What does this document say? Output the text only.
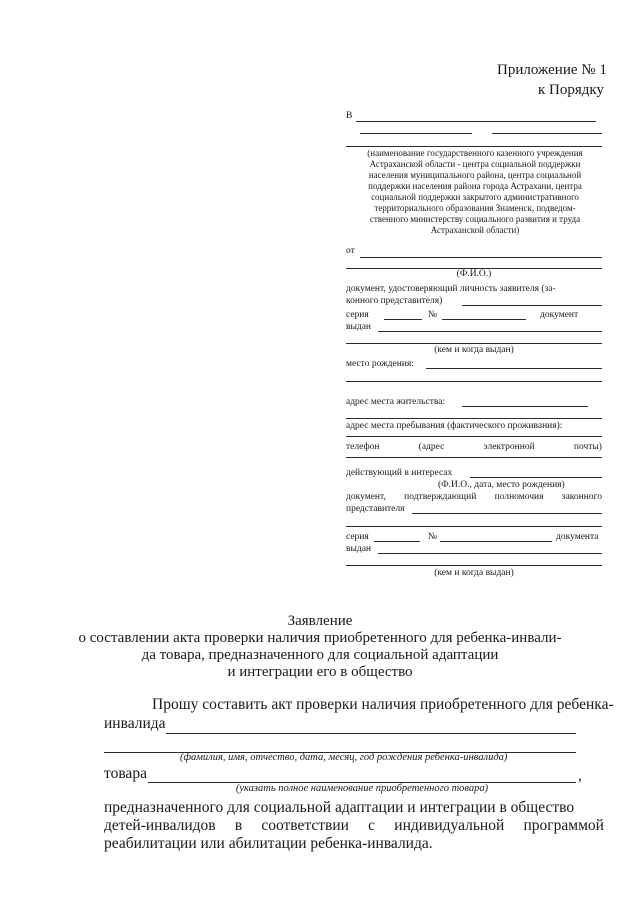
Приложение № 1
к Порядку
В
(наименование государственного казенного учреждения
Астраханской области - центра социальной поддержки
населения муниципального района, центра социальной
поддержки населения района города Астрахани, центра
социальной поддержки закрытого административного
территориального образования Знаменск, подведом-
ственного министерству социального развития и труда
Астраханской области)
от
(Ф.И.О.)
документ, удостоверяющий личность заявителя (за-
конного представителя)
серия	№	документ
выдан
(кем и когда выдан)
место рождения:
адрес места жительства:
адрес места пребывания (фактического проживания):
телефон	(адрес	электронной	почты)
действующий в интересах
(Ф.И.О., дата, место рождения)
документ, подтверждающий полномочия законного
представителя
серия	№	документа
выдан
(кем и когда выдан)
Заявление
о составлении акта проверки наличия приобретенного для ребенка-инвали-
да товара, предназначенного для социальной адаптации
и интеграции его в общество
Прошу составить акт проверки наличия приобретенного для ребенка-
инвалида
(фамилия, имя, отчество, дата, месяц, год рождения ребенка-инвалида)
товара	,
(указать полное наименование приобретенного товара)
предназначенного для социальной адаптации и интеграции в общество
детей-инвалидов в соответствии с индивидуальной программой
реабилитации или абилитации ребенка-инвалида.
